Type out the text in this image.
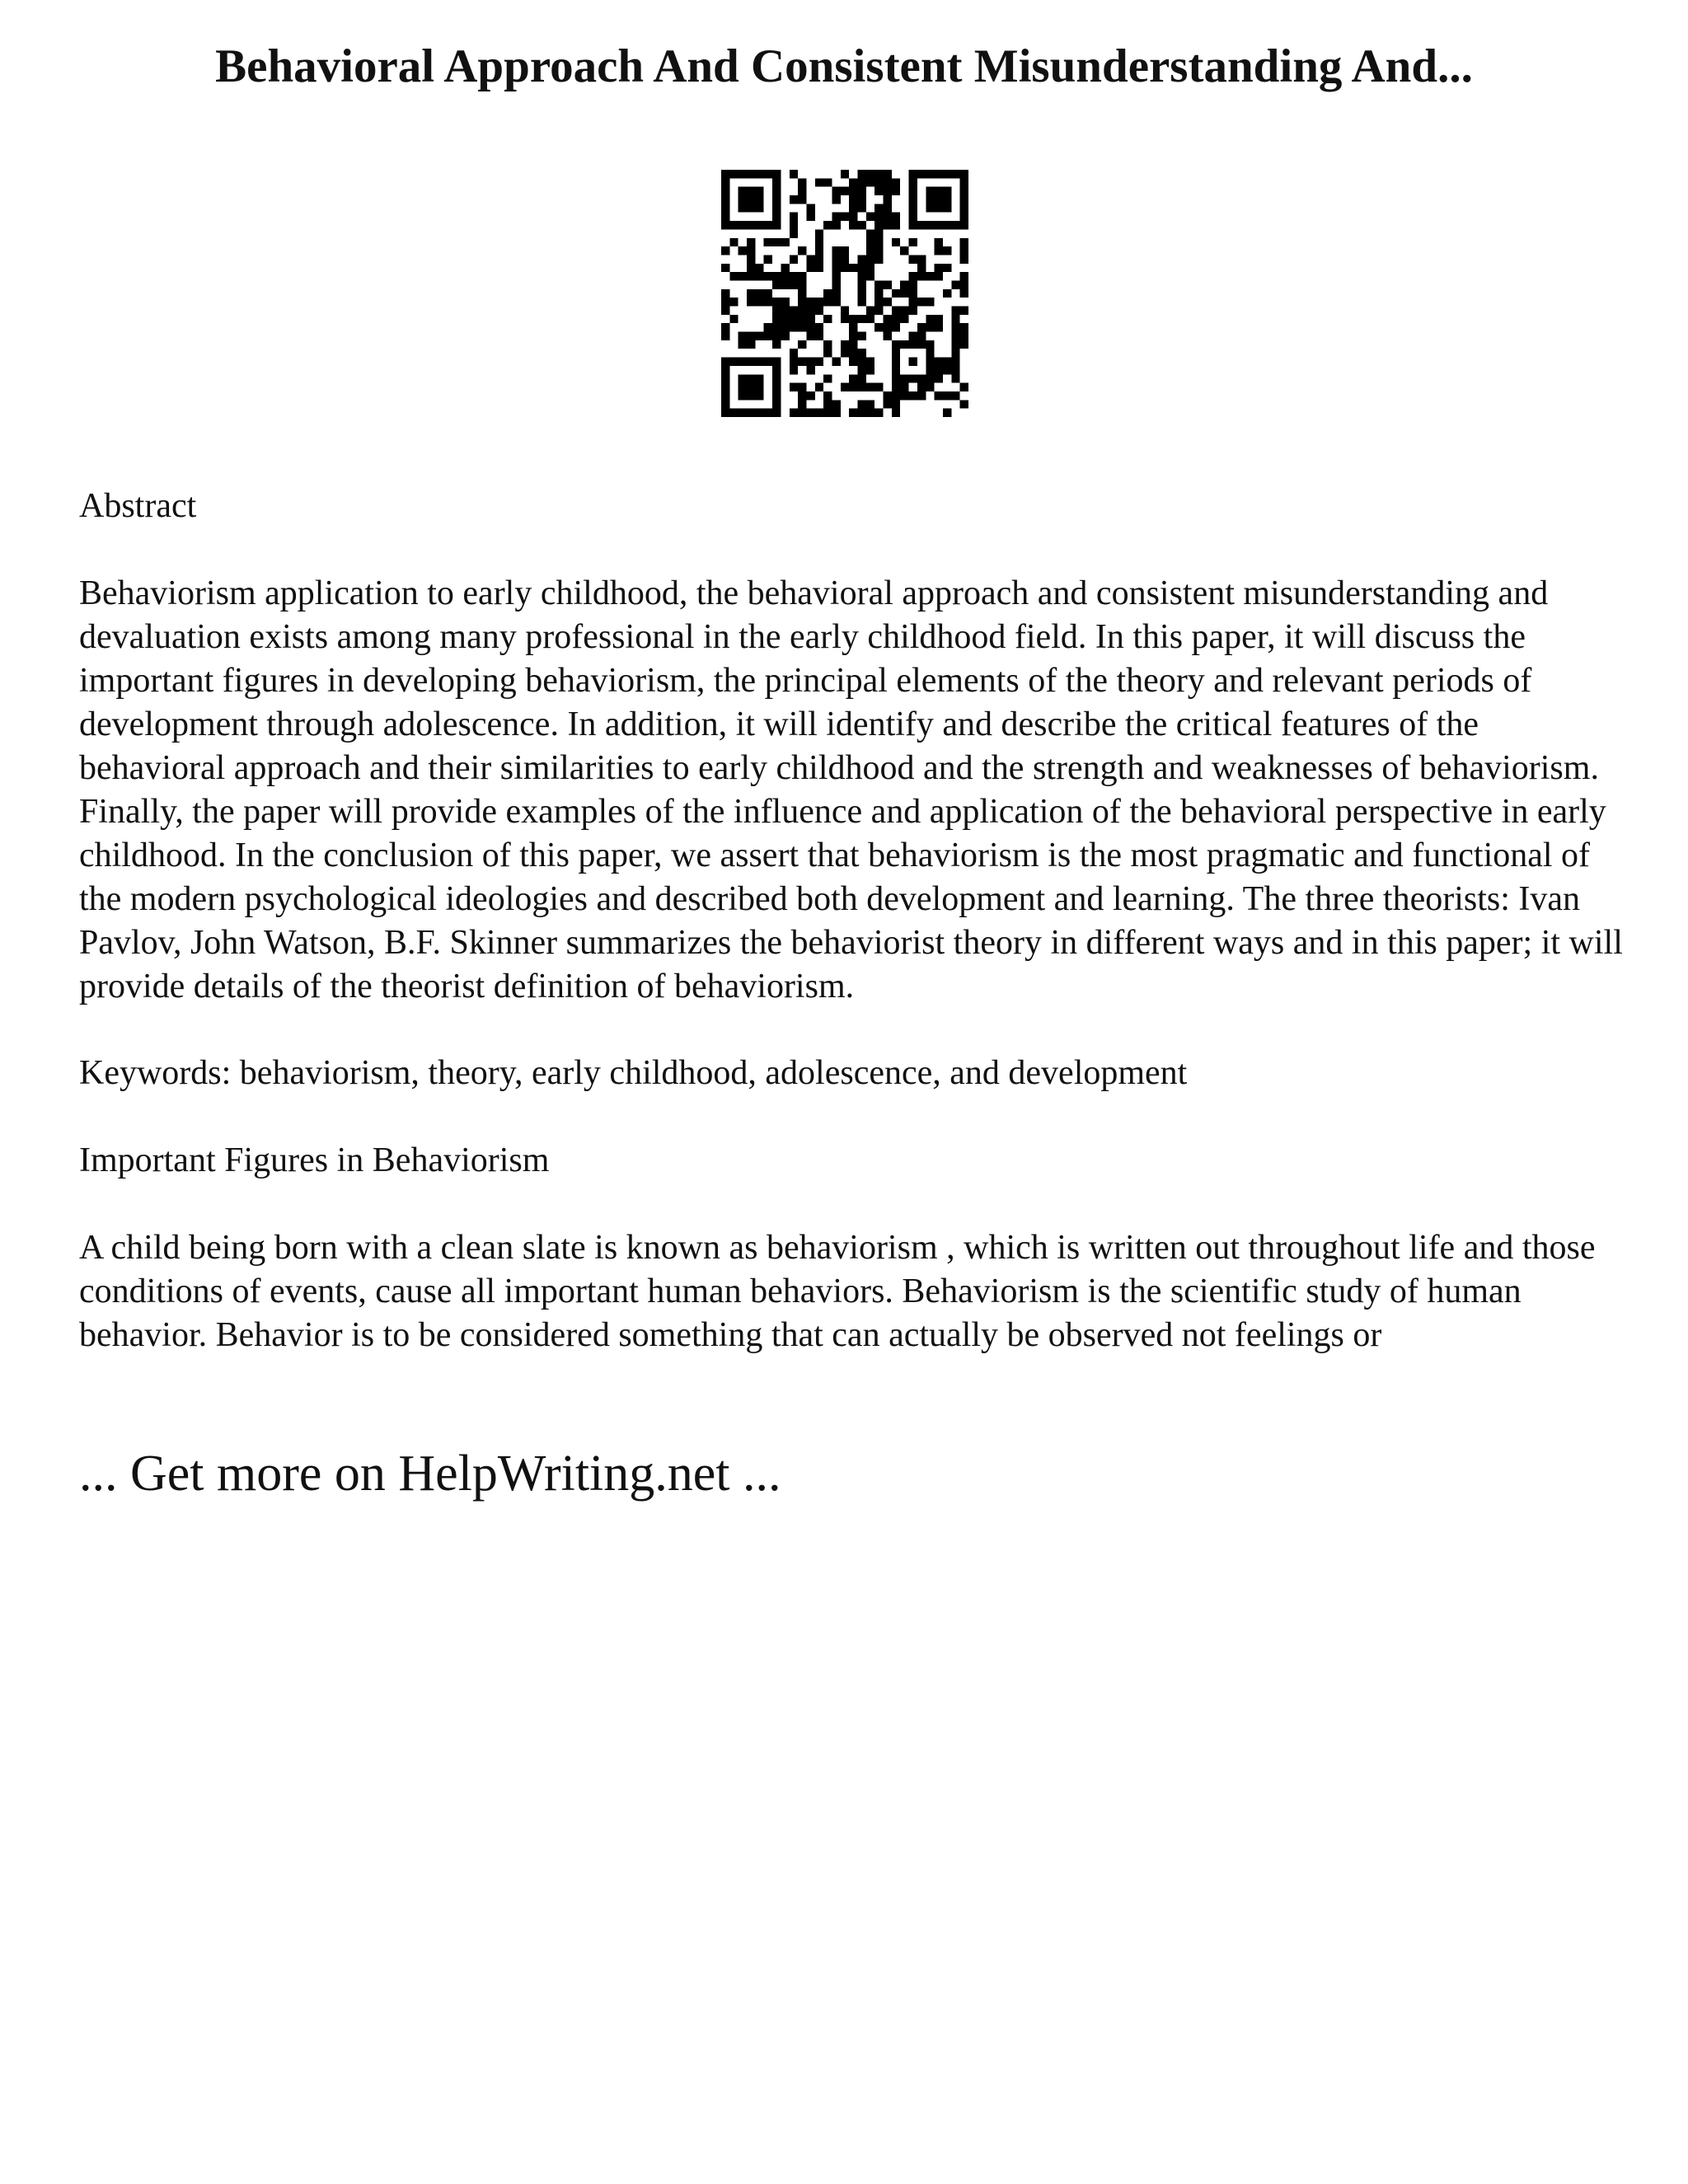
Behavioral Approach And Consistent Misunderstanding And...

Abstract

Behaviorism application to early childhood, the behavioral approach and consistent misunderstanding and devaluation exists among many professional in the early childhood field. In this paper, it will discuss the important figures in developing behaviorism, the principal elements of the theory and relevant periods of development through adolescence. In addition, it will identify and describe the critical features of the behavioral approach and their similarities to early childhood and the strength and weaknesses of behaviorism. Finally, the paper will provide examples of the influence and application of the behavioral perspective in early childhood. In the conclusion of this paper, we assert that behaviorism is the most pragmatic and functional of the modern psychological ideologies and described both development and learning. The three theorists: Ivan Pavlov, John Watson, B.F. Skinner summarizes the behaviorist theory in different ways and in this paper; it will provide details of the theorist definition of behaviorism.

Keywords: behaviorism, theory, early childhood, adolescence, and development

Important Figures in Behaviorism

A child being born with a clean slate is known as behaviorism , which is written out throughout life and those conditions of events, cause all important human behaviors. Behaviorism is the scientific study of human behavior. Behavior is to be considered something that can actually be observed not feelings or

... Get more on HelpWriting.net ...
